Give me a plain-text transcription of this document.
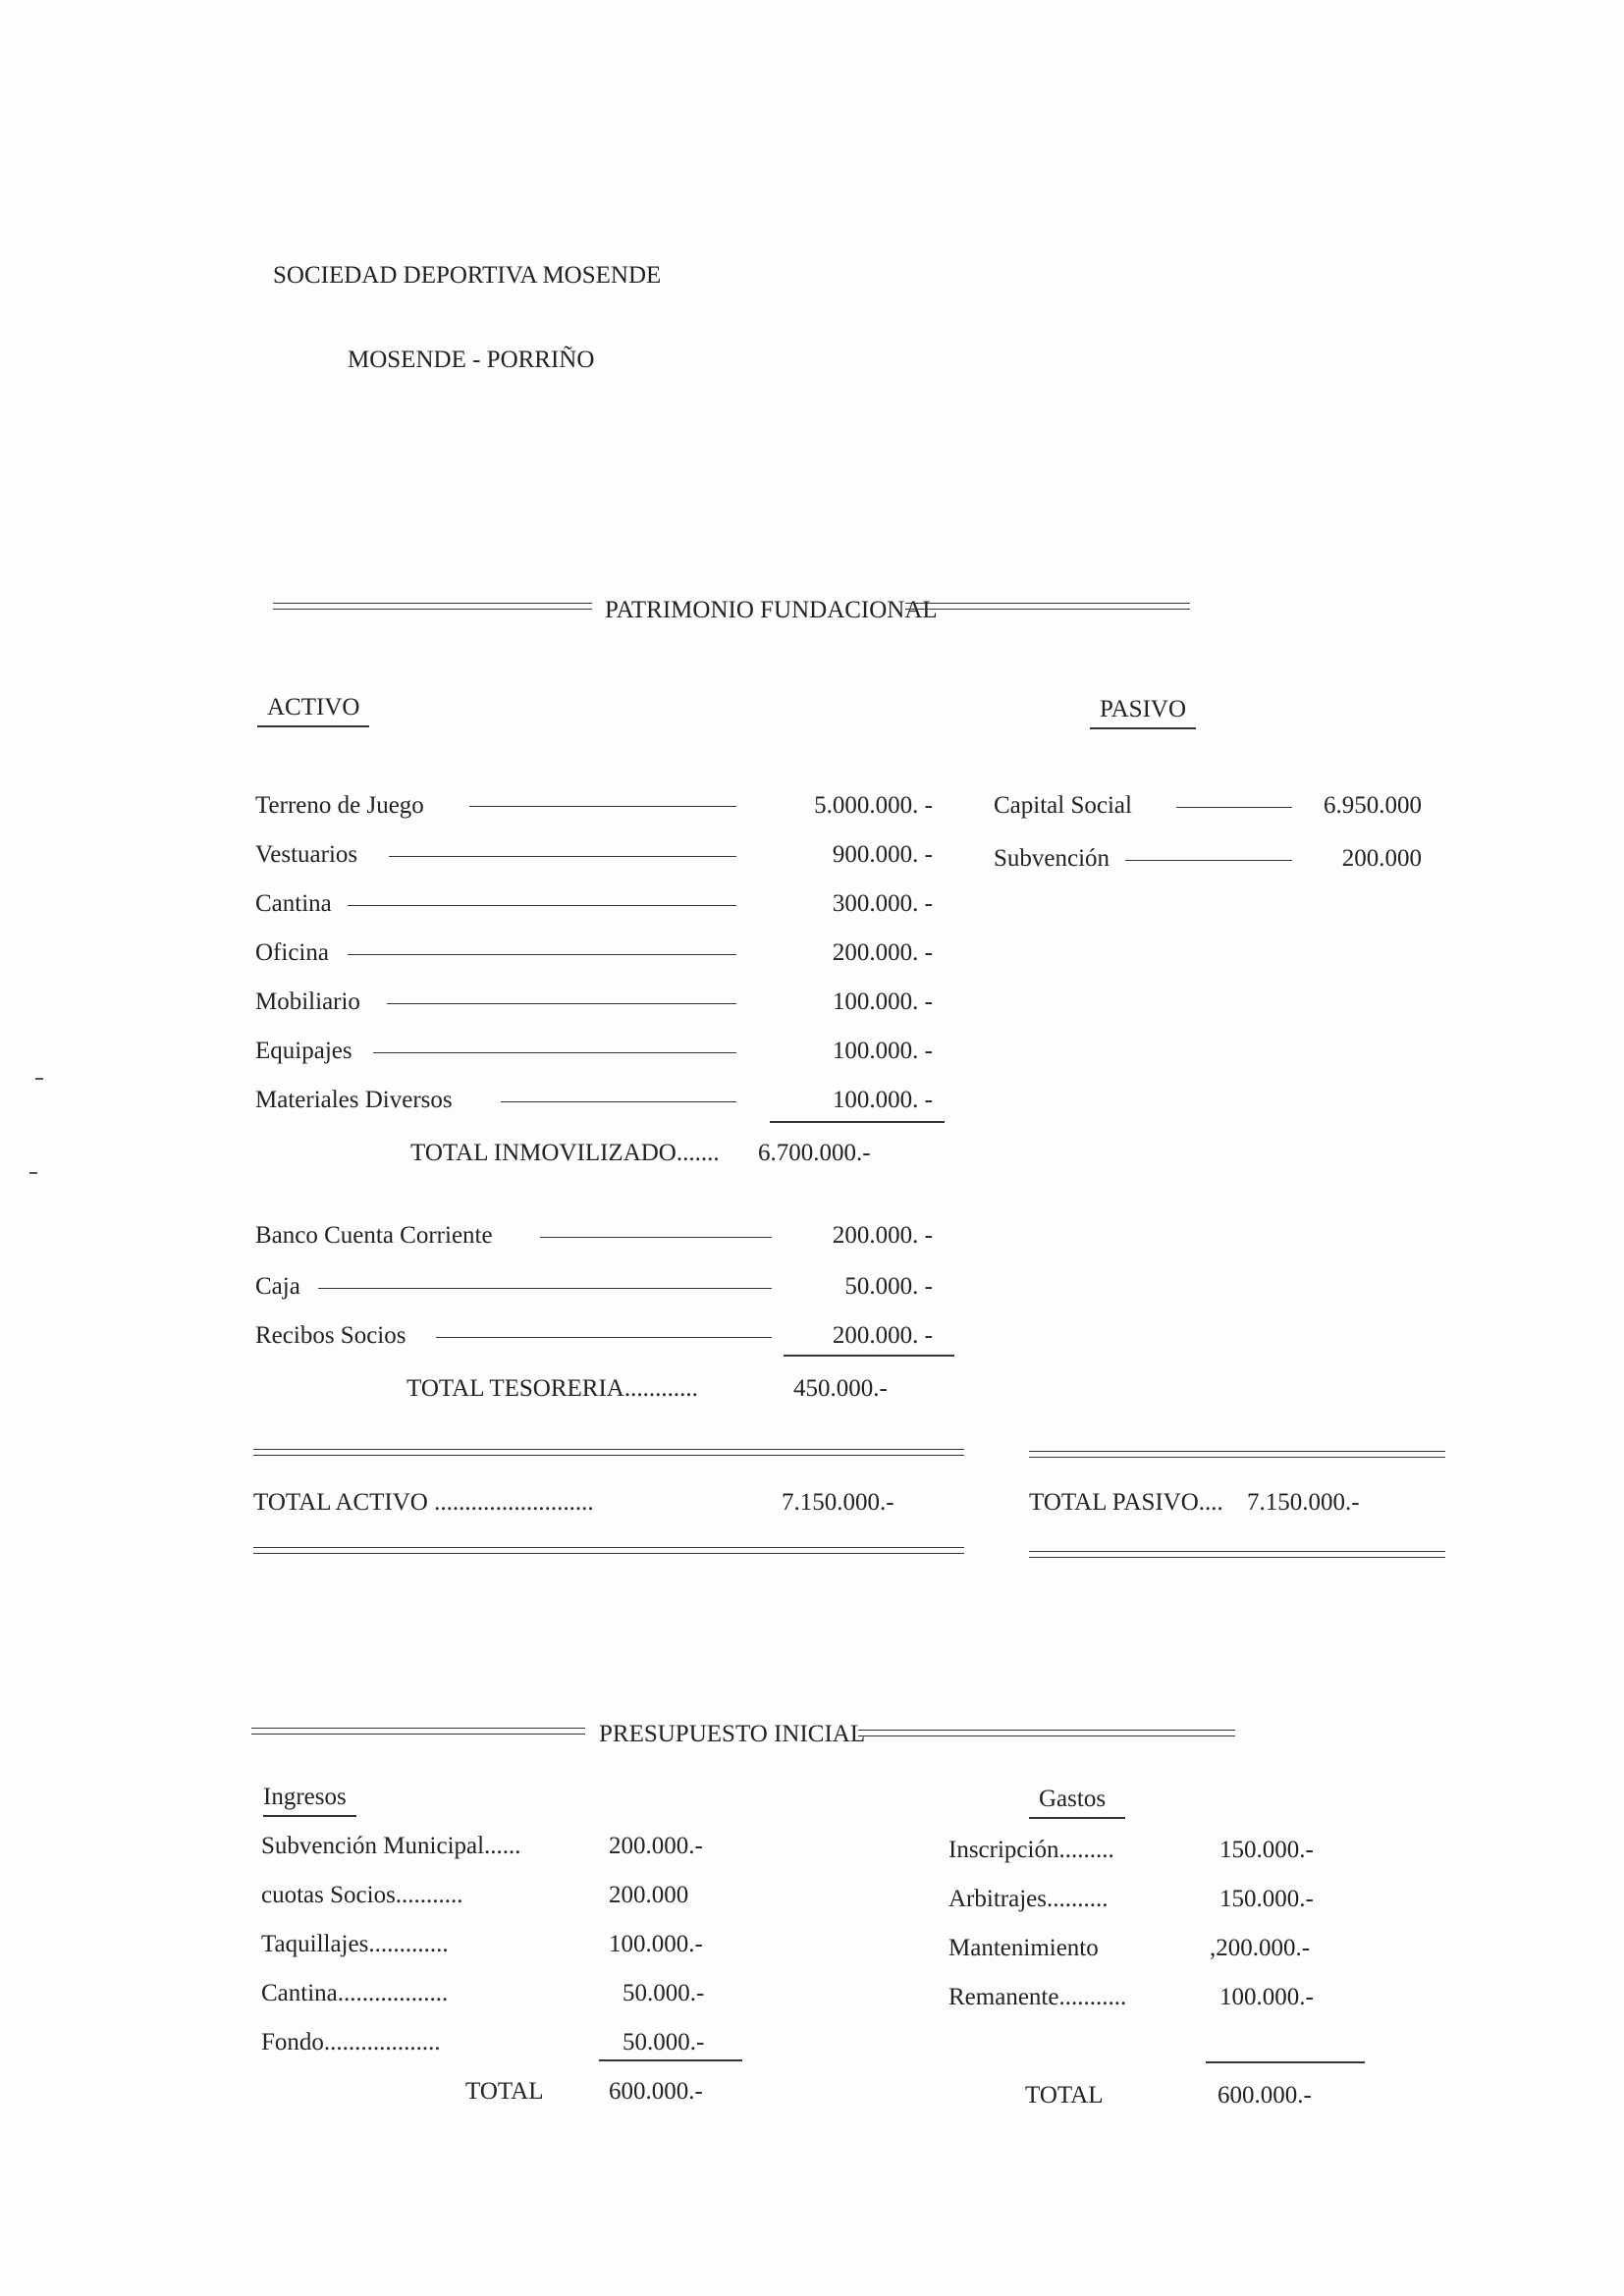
SOCIEDAD DEPORTIVA MOSENDE
MOSENDE - PORRIÑO
PATRIMONIO FUNDACIONAL
ACTIVO	PASIVO
Terreno de Juego	5.000.000. -
Vestuarios	900.000. -
Cantina	300.000. -
Oficina	200.000. -
Mobiliario	100.000. -
Equipajes	100.000. -
Materiales Diversos	100.000. -
TOTAL INMOVILIZADO....... 6.700.000.-
Banco Cuenta Corriente	200.000. -
Caja	50.000. -
Recibos Socios	200.000. -
TOTAL TESORERIA............	450.000.-
Capital Social	6.950.000
Subvención	200.000
TOTAL ACTIVO ..........................	7.150.000.-	TOTAL PASIVO.... 7.150.000.-
PRESUPUESTO INICIAL
Ingresos	Gastos
Subvención Municipal......	200.000.-
cuotas Socios...........	200.000
Taquillajes.............	100.000.-
Cantina..................	50.000.-
Fondo...................	50.000.-
TOTAL	600.000.-
Inscripción.........	150.000.-
Arbitrajes..........	150.000.-
Mantenimiento	,200.000.-
Remanente...........	100.000.-
TOTAL	600.000.-
